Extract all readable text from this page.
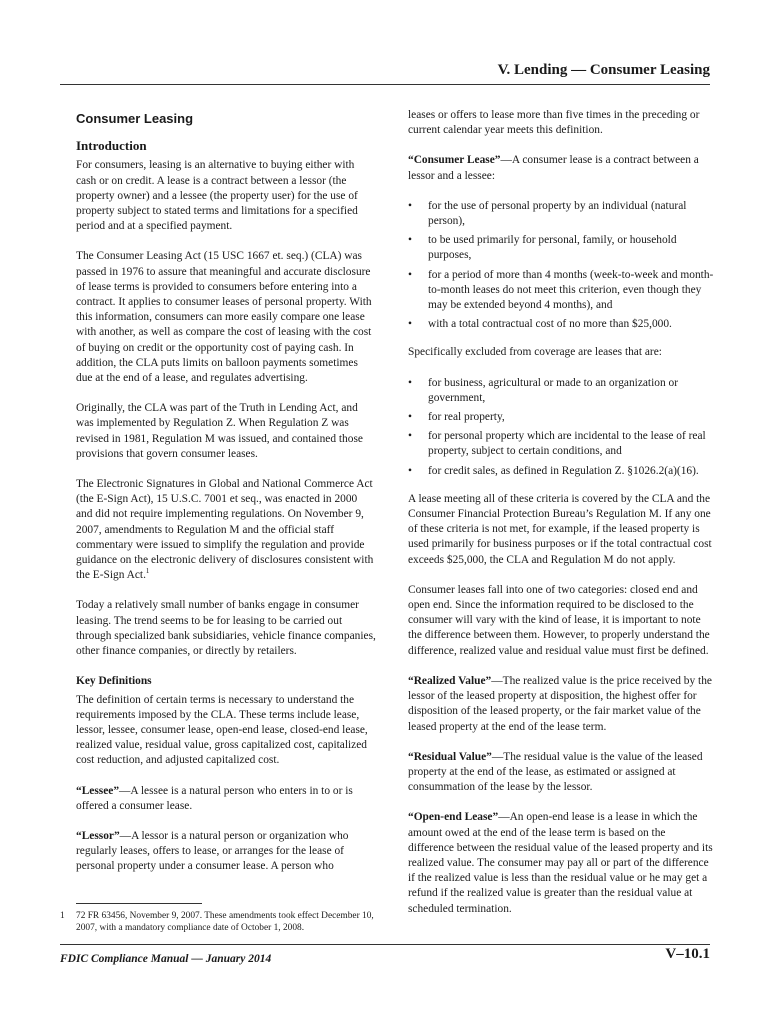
V. Lending — Consumer Leasing
Consumer Leasing
Introduction

For consumers, leasing is an alternative to buying either with cash or on credit. A lease is a contract between a lessor (the property owner) and a lessee (the property user) for the use of property subject to stated terms and limitations for a specified period and at a specified payment.

The Consumer Leasing Act (15 USC 1667 et. seq.) (CLA) was passed in 1976 to assure that meaningful and accurate disclosure of lease terms is provided to consumers before entering into a contract. It applies to consumer leases of personal property. With this information, consumers can more easily compare one lease with another, as well as compare the cost of leasing with the cost of buying on credit or the opportunity cost of paying cash. In addition, the CLA puts limits on balloon payments sometimes due at the end of a lease, and regulates advertising.

Originally, the CLA was part of the Truth in Lending Act, and was implemented by Regulation Z. When Regulation Z was revised in 1981, Regulation M was issued, and contained those provisions that govern consumer leases.

The Electronic Signatures in Global and National Commerce Act (the E-Sign Act), 15 U.S.C. 7001 et seq., was enacted in 2000 and did not require implementing regulations. On November 9, 2007, amendments to Regulation M and the official staff commentary were issued to simplify the regulation and provide guidance on the electronic delivery of disclosures consistent with the E-Sign Act.$^1$

Today a relatively small number of banks engage in consumer leasing. The trend seems to be for leasing to be carried out through specialized bank subsidiaries, vehicle finance companies, other finance companies, or directly by retailers.

Key Definitions

The definition of certain terms is necessary to understand the requirements imposed by the CLA. These terms include lease, lessor, lessee, consumer lease, open-end lease, closed-end lease, realized value, residual value, gross capitalized cost, capitalized cost reduction, and adjusted capitalized cost.

“Lessee”—A lessee is a natural person who enters in to or is offered a consumer lease.

“Lessor”—A lessor is a natural person or organization who regularly leases, offers to lease, or arranges for the lease of personal property under a consumer lease. A person who

leases or offers to lease more than five times in the preceding or current calendar year meets this definition.

“Consumer Lease”—A consumer lease is a contract between a lessor and a lessee:

• for the use of personal property by an individual (natural person),
• to be used primarily for personal, family, or household purposes,
• for a period of more than 4 months (week-to-week and month-to-month leases do not meet this criterion, even though they may be extended beyond 4 months), and
• with a total contractual cost of no more than $25,000.

Specifically excluded from coverage are leases that are:

• for business, agricultural or made to an organization or government,
• for real property,
• for personal property which are incidental to the lease of real property, subject to certain conditions, and
• for credit sales, as defined in Regulation Z. §1026.2(a)(16).

A lease meeting all of these criteria is covered by the CLA and the Consumer Financial Protection Bureau’s Regulation M. If any one of these criteria is not met, for example, if the leased property is used primarily for business purposes or if the total contractual cost exceeds $25,000, the CLA and Regulation M do not apply.

Consumer leases fall into one of two categories: closed end and open end. Since the information required to be disclosed to the consumer will vary with the kind of lease, it is important to note the difference between them. However, to properly understand the difference, realized value and residual value must first be defined.

“Realized Value”—The realized value is the price received by the lessor of the leased property at disposition, the highest offer for disposition of the leased property, or the fair market value of the leased property at the end of the lease term.

“Residual Value”—The residual value is the value of the leased property at the end of the lease, as estimated or assigned at consummation of the lease by the lessor.

“Open-end Lease”—An open-end lease is a lease in which the amount owed at the end of the lease term is based on the difference between the residual value of the leased property and its realized value. The consumer may pay all or part of the difference if the realized value is less than the residual value or he may get a refund if the realized value is greater than the residual value at scheduled termination.

1	72 FR 63456, November 9, 2007. These amendments took effect December 10, 2007, with a mandatory compliance date of October 1, 2008.
FDIC Compliance Manual — January 2014	V–10.1
